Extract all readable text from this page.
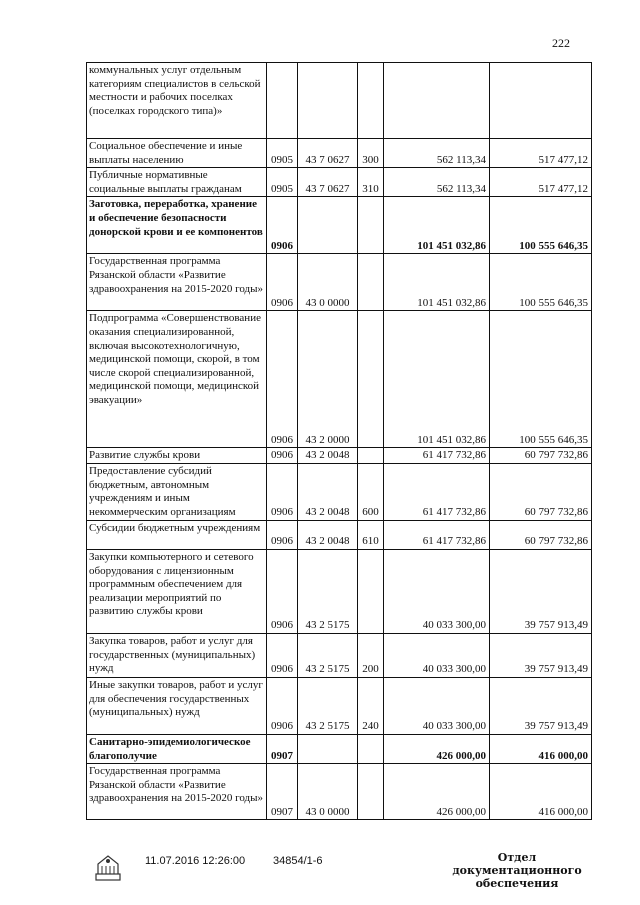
222
коммунальных услуг отдельным категориям специалистов в сельской местности и рабочих поселках (поселках городского типа)»					
Социальное обеспечение и иные выплаты населению	0905	43 7 0627	300	562 113,34	517 477,12
Публичные нормативные социальные выплаты гражданам	0905	43 7 0627	310	562 113,34	517 477,12
Заготовка, переработка, хранение и обеспечение безопасности донорской крови и ее компонентов	0906			101 451 032,86	100 555 646,35
Государственная программа Рязанской области «Развитие здравоохранения на 2015-2020 годы»	0906	43 0 0000		101 451 032,86	100 555 646,35
Подпрограмма «Совершенствование оказания специализированной, включая высокотехнологичную, медицинской помощи, скорой, в том числе скорой специализированной, медицинской помощи, медицинской эвакуации»	0906	43 2 0000		101 451 032,86	100 555 646,35
Развитие службы крови	0906	43 2 0048		61 417 732,86	60 797 732,86
Предоставление субсидий бюджетным, автономным учреждениям и иным некоммерческим организациям	0906	43 2 0048	600	61 417 732,86	60 797 732,86
Субсидии бюджетным учреждениям	0906	43 2 0048	610	61 417 732,86	60 797 732,86
Закупки компьютерного и сетевого оборудования с лицензионным программным обеспечением для реализации мероприятий по развитию службы крови	0906	43 2 5175		40 033 300,00	39 757 913,49
Закупка товаров, работ и услуг для государственных (муниципальных) нужд	0906	43 2 5175	200	40 033 300,00	39 757 913,49
Иные закупки товаров, работ и услуг для обеспечения государственных (муниципальных) нужд	0906	43 2 5175	240	40 033 300,00	39 757 913,49
Санитарно-эпидемиологическое благополучие	0907			426 000,00	416 000,00
Государственная программа Рязанской области «Развитие здравоохранения на 2015-2020 годы»	0907	43 0 0000		426 000,00	416 000,00
11.07.2016 12:26:00	34854/1-6	Отдел документационного обеспечения
